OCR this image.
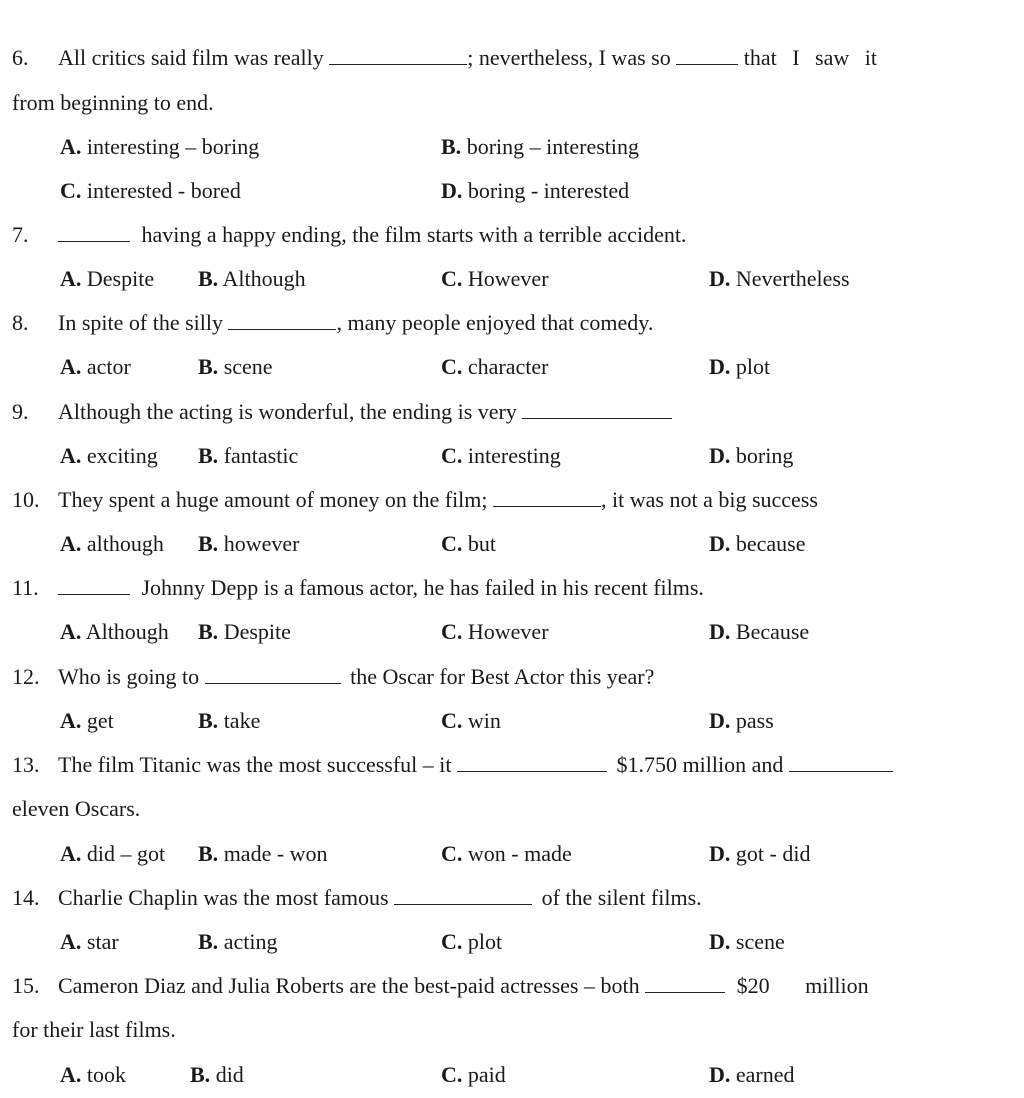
6. All critics said film was really	; nevertheless, I was so	that I saw it
from beginning to end.
A. interesting – boring	B. boring – interesting
C. interested - bored	D. boring - interested
7.	having a happy ending, the film starts with a terrible accident.
A. Despite B. Although	C. However	D. Nevertheless
8. In spite of the silly	, many people enjoyed that comedy.
A. actor	B. scene	C. character	D. plot
9. Although the acting is wonderful, the ending is very
A. exciting B. fantastic	C. interesting	D. boring
10. They spent a huge amount of money on the film;	, it was not a big success
A. although B. however	C. but	D. because
11.	Johnny Depp is a famous actor, he has failed in his recent films.
A. Although B. Despite	C. However	D. Because
12. Who is going to	the Oscar for Best Actor this year?
A. get	B. take	C. win	D. pass
13. The film Titanic was the most successful – it	$1.750 million and
eleven Oscars.
A. did – got B. made - won	C. won - made	D. got - did
14. Charlie Chaplin was the most famous	of the silent films.
A. star	B. acting	C. plot	D. scene
15. Cameron Diaz and Julia Roberts are the best-paid actresses – both	$20 million
for their last films.
A. took	B. did	C. paid	D. earned
